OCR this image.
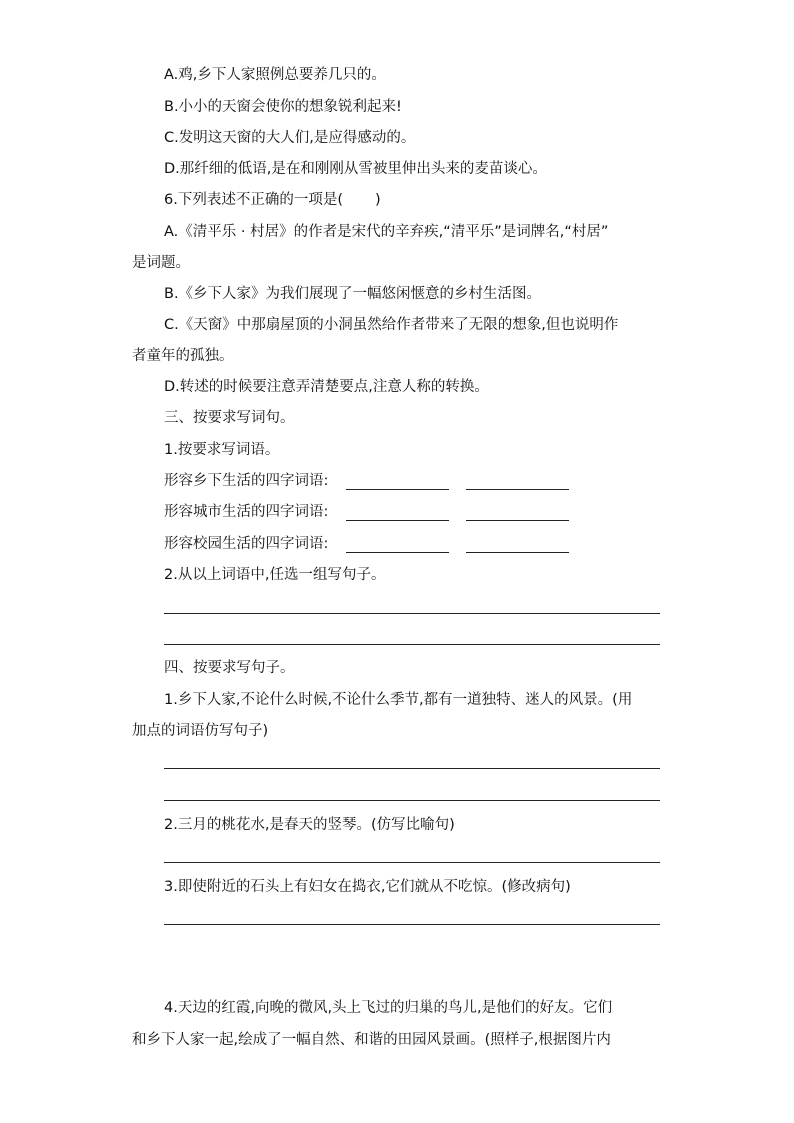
A.鸡,乡下人家照例总要养几只的。
B.小小的天窗会使你的想象锐利起来!
C.发明这天窗的大人们,是应得感动的。
D.那纤细的低语,是在和刚刚从雪被里伸出头来的麦苗谈心。
6.下列表述不正确的一项是( )
A.《清平乐 · 村居》的作者是宋代的辛弃疾,“清平乐”是词牌名,“村居”
是词题。
B.《乡下人家》为我们展现了一幅悠闲惬意的乡村生活图。
C.《天窗》中那扇屋顶的小洞虽然给作者带来了无限的想象,但也说明作
者童年的孤独。
D.转述的时候要注意弄清楚要点,注意人称的转换。
三、按要求写词句。
1.按要求写词语。
形容乡下生活的四字词语:
形容城市生活的四字词语:
形容校园生活的四字词语:
2.从以上词语中,任选一组写句子。
四、按要求写句子。
1.乡下人家,不论什么时候,不论什么季节,都有一道独特、迷人的风景。(用
加点的词语仿写句子)
2.三月的桃花水,是春天的竖琴。(仿写比喻句)
3.即使附近的石头上有妇女在捣衣,它们就从不吃惊。(修改病句)
4.天边的红霞,向晚的微风,头上飞过的归巢的鸟儿,是他们的好友。它们
和乡下人家一起,绘成了一幅自然、和谐的田园风景画。(照样子,根据图片内
